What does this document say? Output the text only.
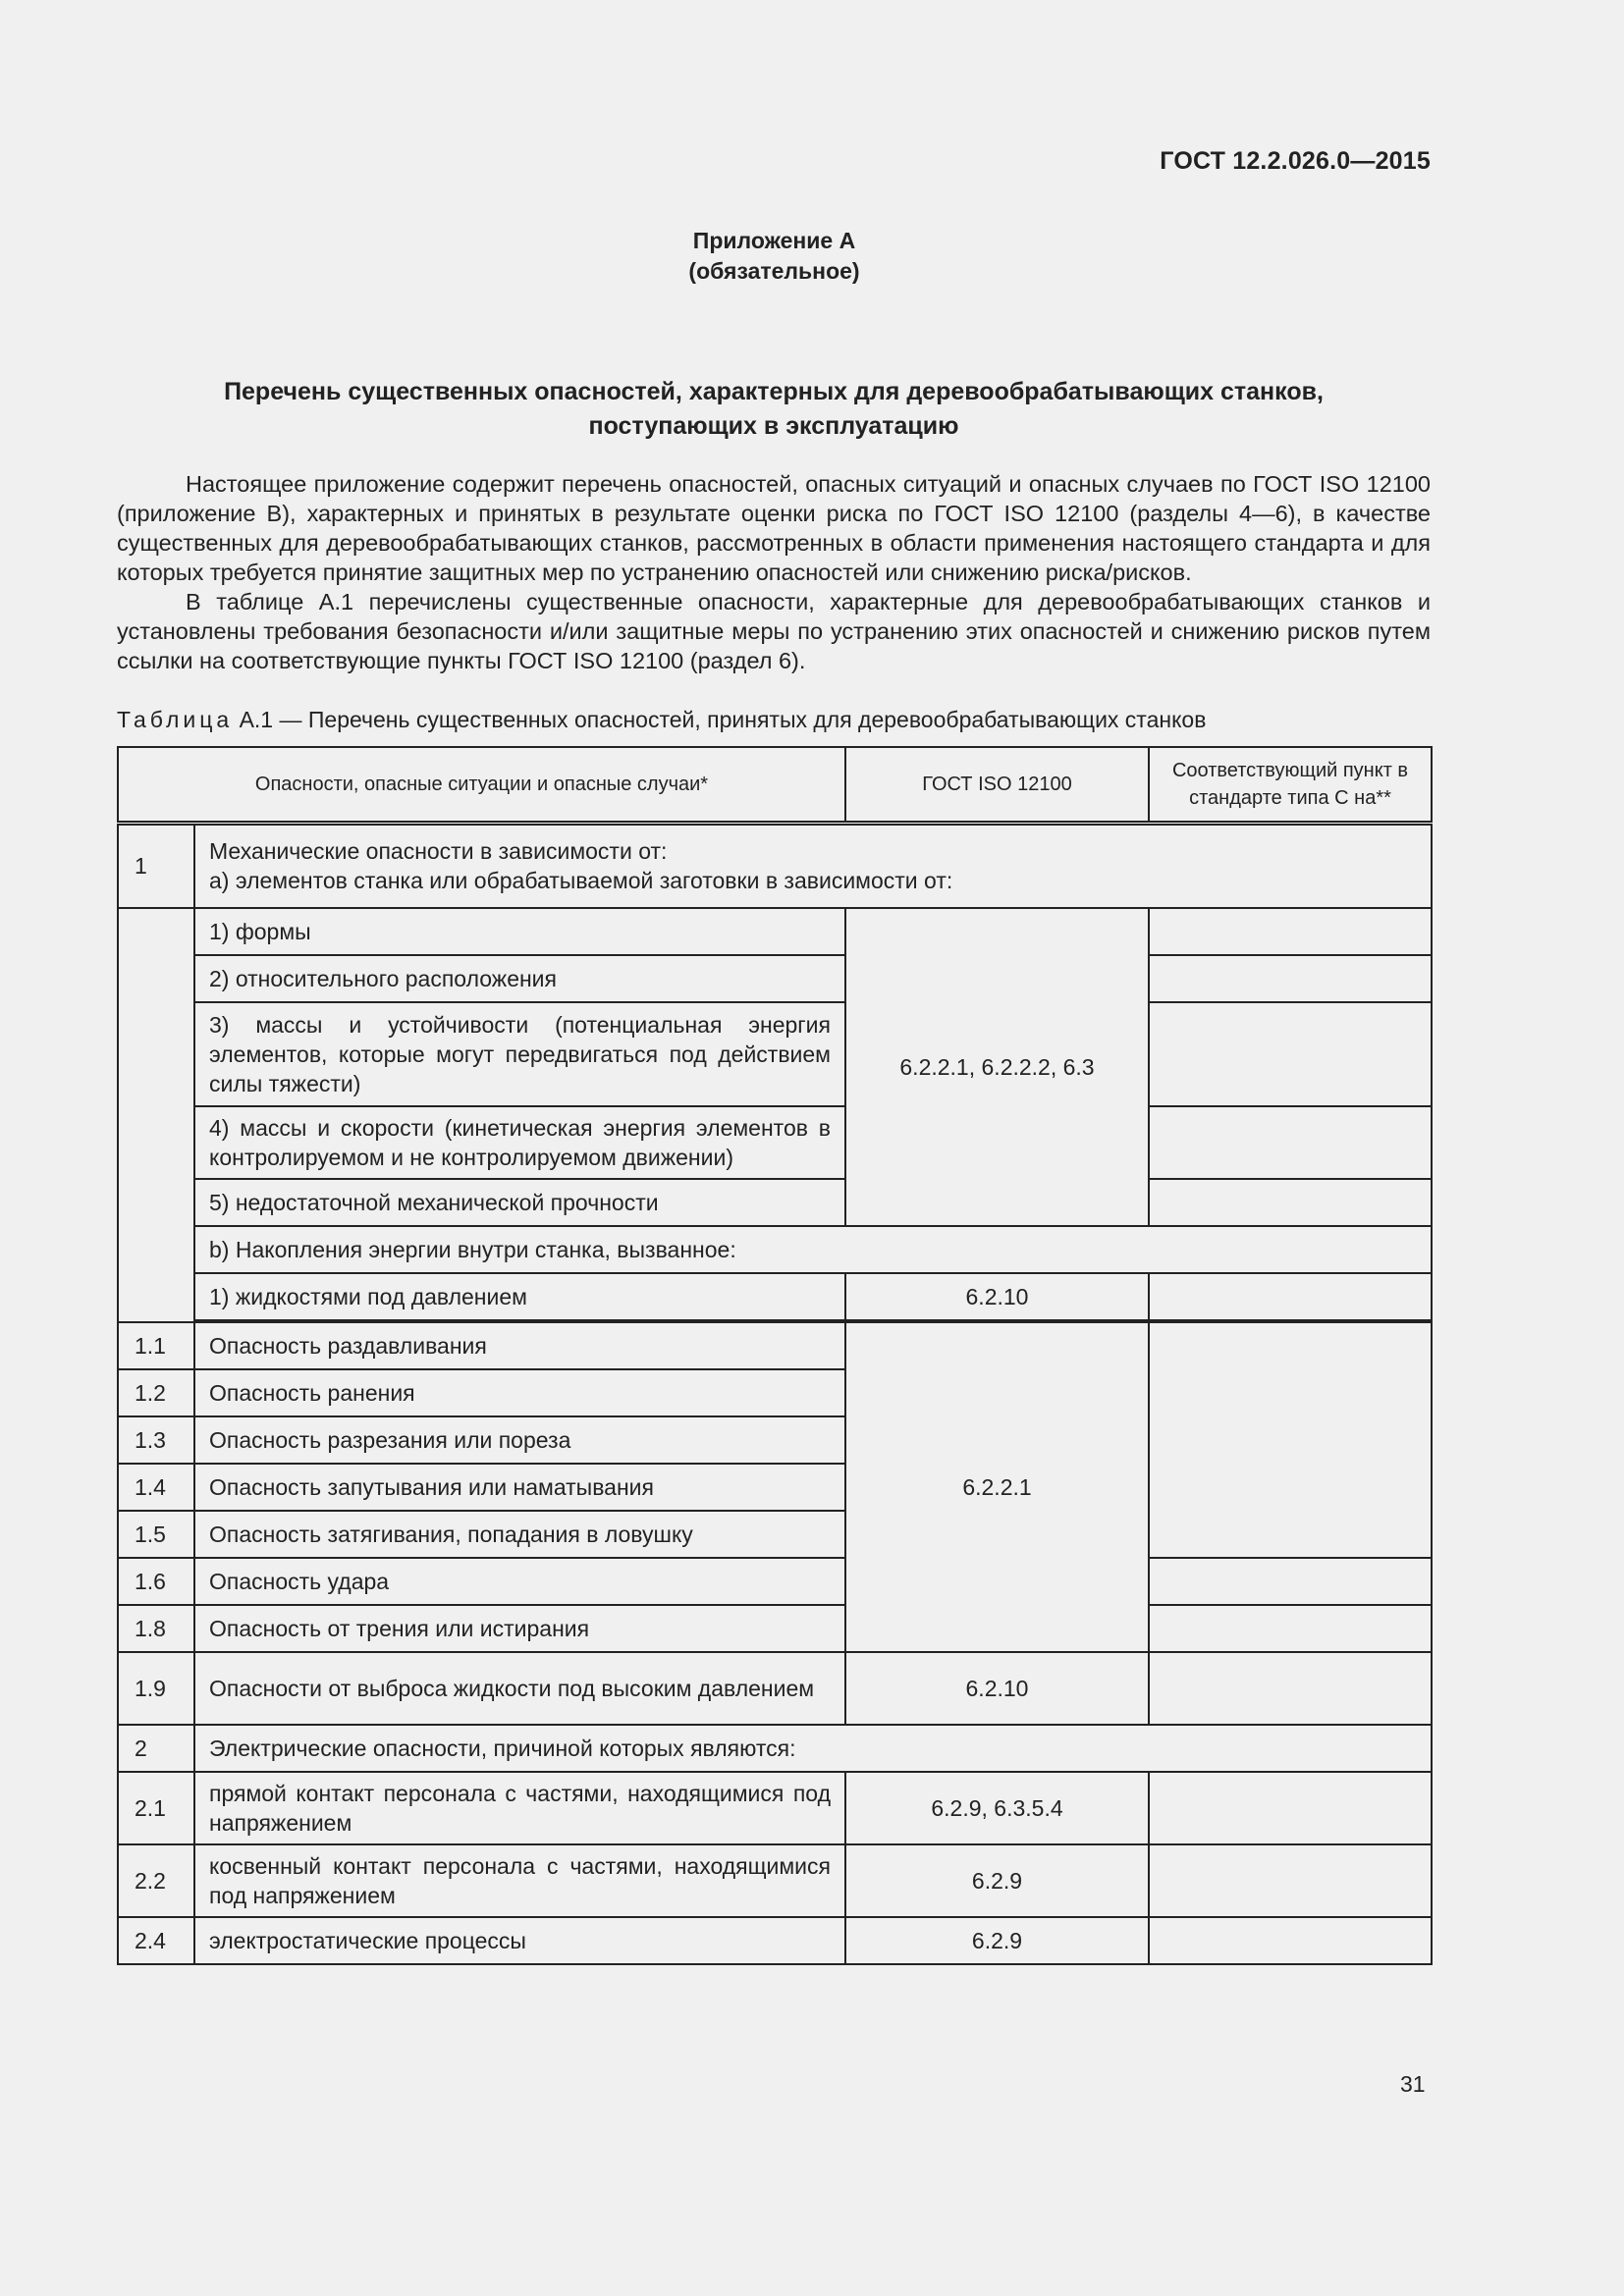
ГОСТ 12.2.026.0—2015
Приложение А
(обязательное)
Перечень существенных опасностей, характерных для деревообрабатывающих станков,
поступающих в эксплуатацию

Настоящее приложение содержит перечень опасностей, опасных ситуаций и опасных случаев по ГОСТ ISO 12100 (приложение В), характерных и принятых в результате оценки риска по ГОСТ ISO 12100 (разделы 4—6), в качестве существенных для деревообрабатывающих станков, рассмотренных в области применения настоящего стандарта и для которых требуется принятие защитных мер по устранению опасностей или снижению риска/рисков.

В таблице А.1 перечислены существенные опасности, характерные для деревообрабатывающих станков и установлены требования безопасности и/или защитные меры по устранению этих опасностей и снижению рисков путем ссылки на соответствующие пункты ГОСТ ISO 12100 (раздел 6).

Таблица А.1 — Перечень существенных опасностей, принятых для деревообрабатывающих станков
Опасности, опасные ситуации и опасные случаи*		ГОСТ ISO 12100	Соответствующий пункт в стандарте типа С на**
1	Механические опасности в зависимости от:
а) элементов станка или обрабатываемой заготовки в зависимости от:		

	1) формы	6.2.2.1, 6.2.2.2, 6.3	
	2) относительного расположения		
	3) массы и устойчивости (потенциальная энергия элементов, которые могут передвигаться под действием силы тяжести)		
	4) массы и скорости (кинетическая энергия элементов в контролируемом и не контролируемом движении)		
	5) недостаточной механической прочности		
	b) Накопления энергии внутри станка, вызванное:		
	1) жидкостями под давлением	6.2.10	

1.1	Опасность раздавливания	6.2.2.1	
1.2	Опасность ранения		
1.3	Опасность разрезания или пореза		
1.4	Опасность запутывания или наматывания		
1.5	Опасность затягивания, попадания в ловушку		
1.6	Опасность удара		
1.8	Опасность от трения или истирания		
1.9	Опасности от выброса жидкости под высоким давлением	6.2.10	
2	Электрические опасности, причиной которых являются:		
2.1	прямой контакт персонала с частями, находящимися под напряжением	6.2.9, 6.3.5.4	
2.2	косвенный контакт персонала с частями, находящимися под напряжением	6.2.9	
2.4	электростатические процессы	6.2.9	
31
